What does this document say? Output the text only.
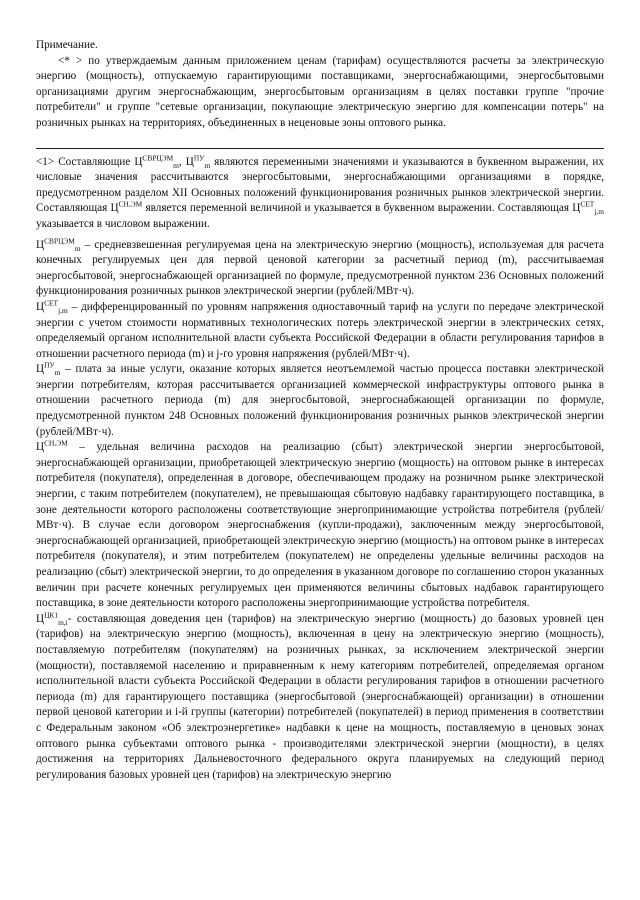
Примечание.

<* > по утверждаемым данным приложением ценам (тарифам) осуществляются расчеты за электрическую энергию (мощность), отпускаемую гарантирующими поставщиками, энергоснабжающими, энергосбытовыми организациями другим энергоснабжающим, энергосбытовым организациям в целях поставки группе "прочие потребители" и группе "сетевые организации, покупающие электрическую энергию для компенсации потерь" на розничных рынках на территориях, объединенных в неценовые зоны оптового рынка.

<1> Составляющие $Ц^{СВРЦЭМ}_m$, $Ц^{ПУ}_m$ являются переменными значениями и указываются в буквенном выражении, их числовые значения рассчитываются энергосбытовыми, энергоснабжающими организациями в порядке, предусмотренном разделом XII Основных положений функционирования розничных рынков электрической энергии. Составляющая $Ц^{СН,ЭМ}$ является переменной величиной и указывается в буквенном выражении. Составляющая $Ц^{СЕТ}_{j,m}$ указывается в числовом выражении.

$Ц^{СВРЦЭМ}_m$ – средневзвешенная регулируемая цена на электрическую энергию (мощность), используемая для расчета конечных регулируемых цен для первой ценовой категории за расчетный период (m), рассчитываемая энергосбытовой, энергоснабжающей организацией по формуле, предусмотренной пунктом 236 Основных положений функционирования розничных рынков электрической энергии (рублей/МВт·ч).

$Ц^{СЕТ}_{j,m}$ – дифференцированный по уровням напряжения одноставочный тариф на услуги по передаче электрической энергии с учетом стоимости нормативных технологических потерь электрической энергии в электрических сетях, определяемый органом исполнительной власти субъекта Российской Федерации в области регулирования тарифов в отношении расчетного периода (m) и j-го уровня напряжения (рублей/МВт·ч).

$Ц^{ПУ}_m$ – плата за иные услуги, оказание которых является неотъемлемой частью процесса поставки электрической энергии потребителям, которая рассчитывается организацией коммерческой инфраструктуры оптового рынка в отношении расчетного периода (m) для энергосбытовой, энергоснабжающей организации по формуле, предусмотренной пунктом 248 Основных положений функционирования розничных рынков электрической энергии (рублей/МВт·ч).

$Ц^{СН,ЭМ}$ – удельная величина расходов на реализацию (сбыт) электрической энергии энергосбытовой, энергоснабжающей организации, приобретающей электрическую энергию (мощность) на оптовом рынке в интересах потребителя (покупателя), определенная в договоре, обеспечивающем продажу на розничном рынке электрической энергии, с таким потребителем (покупателем), не превышающая сбытовую надбавку гарантирующего поставщика, в зоне деятельности которого расположены соответствующие энергопринимающие устройства потребителя (рублей/МВт·ч). В случае если договором энергоснабжения (купли-продажи), заключенным между энергосбытовой, энергоснабжающей организацией, приобретающей электрическую энергию (мощность) на оптовом рынке в интересах потребителя (покупателя), и этим потребителем (покупателем) не определены удельные величины расходов на реализацию (сбыт) электрической энергии, то до определения в указанном договоре по соглашению сторон указанных величин при расчете конечных регулируемых цен применяются величины сбытовых надбавок гарантирующего поставщика, в зоне деятельности которого расположены энергопринимающие устройства потребителя.

$Ц^{ЦК1}_{m,i}-$ составляющая доведения цен (тарифов) на электрическую энергию (мощность) до базовых уровней цен (тарифов) на электрическую энергию (мощность), включенная в цену на электрическую энергию (мощность), поставляемую потребителям (покупателям) на розничных рынках, за исключением электрической энергии (мощности), поставляемой населению и приравненным к нему категориям потребителей, определяемая органом исполнительной власти субъекта Российской Федерации в области регулирования тарифов в отношении расчетного периода (m) для гарантирующего поставщика (энергосбытовой (энергоснабжающей) организации) в отношении первой ценовой категории и i-й группы (категории) потребителей (покупателей) в период применения в соответствии с Федеральным законом «Об электроэнергетике» надбавки к цене на мощность, поставляемую в ценовых зонах оптового рынка субъектами оптового рынка - производителями электрической энергии (мощности), в целях достижения на территориях Дальневосточного федерального округа планируемых на следующий период регулирования базовых уровней цен (тарифов) на электрическую энергию
